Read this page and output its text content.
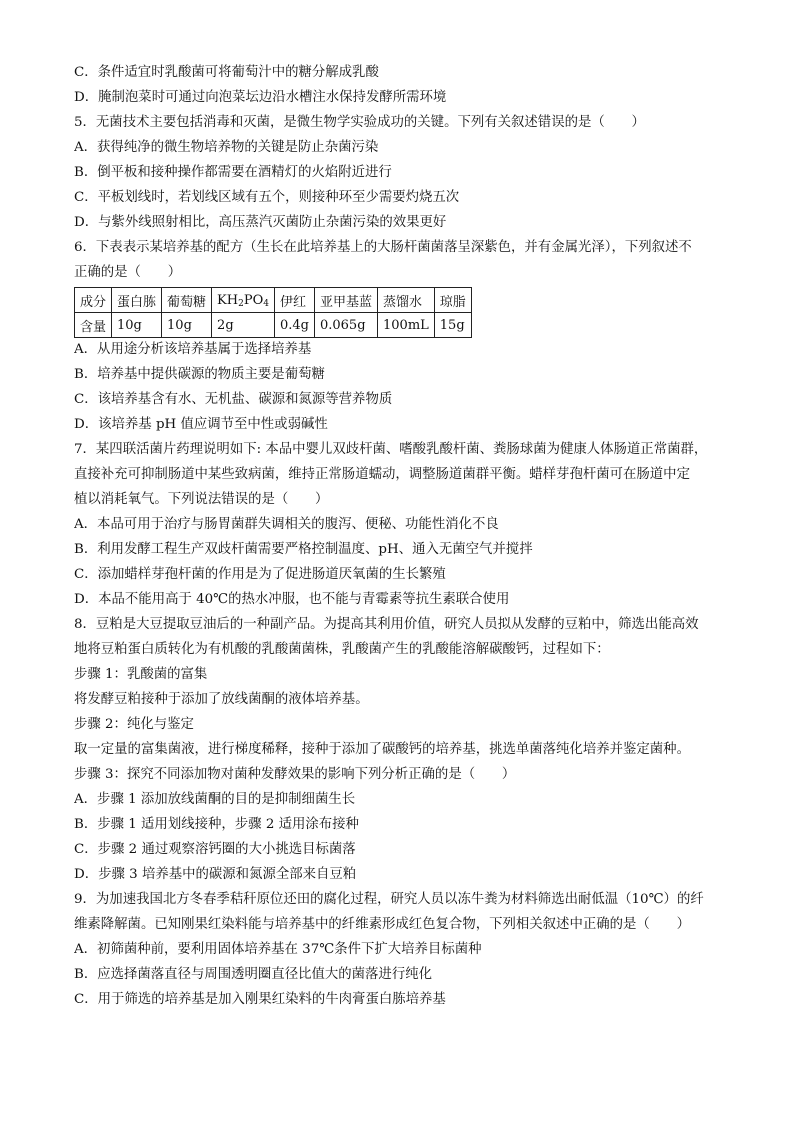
C．条件适宜时乳酸菌可将葡萄汁中的糖分解成乳酸
D．腌制泡菜时可通过向泡菜坛边沿水槽注水保持发酵所需环境
5．无菌技术主要包括消毒和灭菌，是微生物学实验成功的关键。下列有关叙述错误的是（　　）
A．获得纯净的微生物培养物的关键是防止杂菌污染
B．倒平板和接种操作都需要在酒精灯的火焰附近进行
C．平板划线时，若划线区域有五个，则接种环至少需要灼烧五次
D．与紫外线照射相比，高压蒸汽灭菌防止杂菌污染的效果更好
6．下表表示某培养基的配方（生长在此培养基上的大肠杆菌菌落呈深紫色，并有金属光泽），下列叙述不
正确的是（　　）
成分	蛋白胨	葡萄糖	$KH_2PO_4$	伊红	亚甲基蓝	蒸馏水	琼脂
含量	10g	10g	2g	0.4g	0.065g	100mL	15g
A．从用途分析该培养基属于选择培养基
B．培养基中提供碳源的物质主要是葡萄糖
C．该培养基含有水、无机盐、碳源和氮源等营养物质
D．该培养基 pH 值应调节至中性或弱碱性
7．某四联活菌片药理说明如下: 本品中婴儿双歧杆菌、嗜酸乳酸杆菌、粪肠球菌为健康人体肠道正常菌群，
直接补充可抑制肠道中某些致病菌，维持正常肠道蠕动，调整肠道菌群平衡。蜡样芽孢杆菌可在肠道中定
植以消耗氧气。下列说法错误的是（　　）
A．本品可用于治疗与肠胃菌群失调相关的腹泻、便秘、功能性消化不良
B．利用发酵工程生产双歧杆菌需要严格控制温度、pH、通入无菌空气并搅拌
C．添加蜡样芽孢杆菌的作用是为了促进肠道厌氧菌的生长繁殖
D．本品不能用高于 40℃的热水冲服，也不能与青霉素等抗生素联合使用
8．豆粕是大豆提取豆油后的一种副产品。为提高其利用价值，研究人员拟从发酵的豆粕中，筛选出能高效
地将豆粕蛋白质转化为有机酸的乳酸菌菌株，乳酸菌产生的乳酸能溶解碳酸钙，过程如下：
步骤 1：乳酸菌的富集
将发酵豆粕接种于添加了放线菌酮的液体培养基。
步骤 2：纯化与鉴定
取一定量的富集菌液，进行梯度稀释，接种于添加了碳酸钙的培养基，挑选单菌落纯化培养并鉴定菌种。
步骤 3：探究不同添加物对菌种发酵效果的影响下列分析正确的是（　　）
A．步骤 1 添加放线菌酮的目的是抑制细菌生长
B．步骤 1 适用划线接种，步骤 2 适用涂布接种
C．步骤 2 通过观察溶钙圈的大小挑选目标菌落
D．步骤 3 培养基中的碳源和氮源全部来自豆粕
9．为加速我国北方冬春季秸秆原位还田的腐化过程，研究人员以冻牛粪为材料筛选出耐低温（10℃）的纤
维素降解菌。已知刚果红染料能与培养基中的纤维素形成红色复合物，下列相关叙述中正确的是（　　）
A．初筛菌种前，要利用固体培养基在 37℃条件下扩大培养目标菌种
B．应选择菌落直径与周围透明圈直径比值大的菌落进行纯化
C．用于筛选的培养基是加入刚果红染料的牛肉膏蛋白胨培养基
